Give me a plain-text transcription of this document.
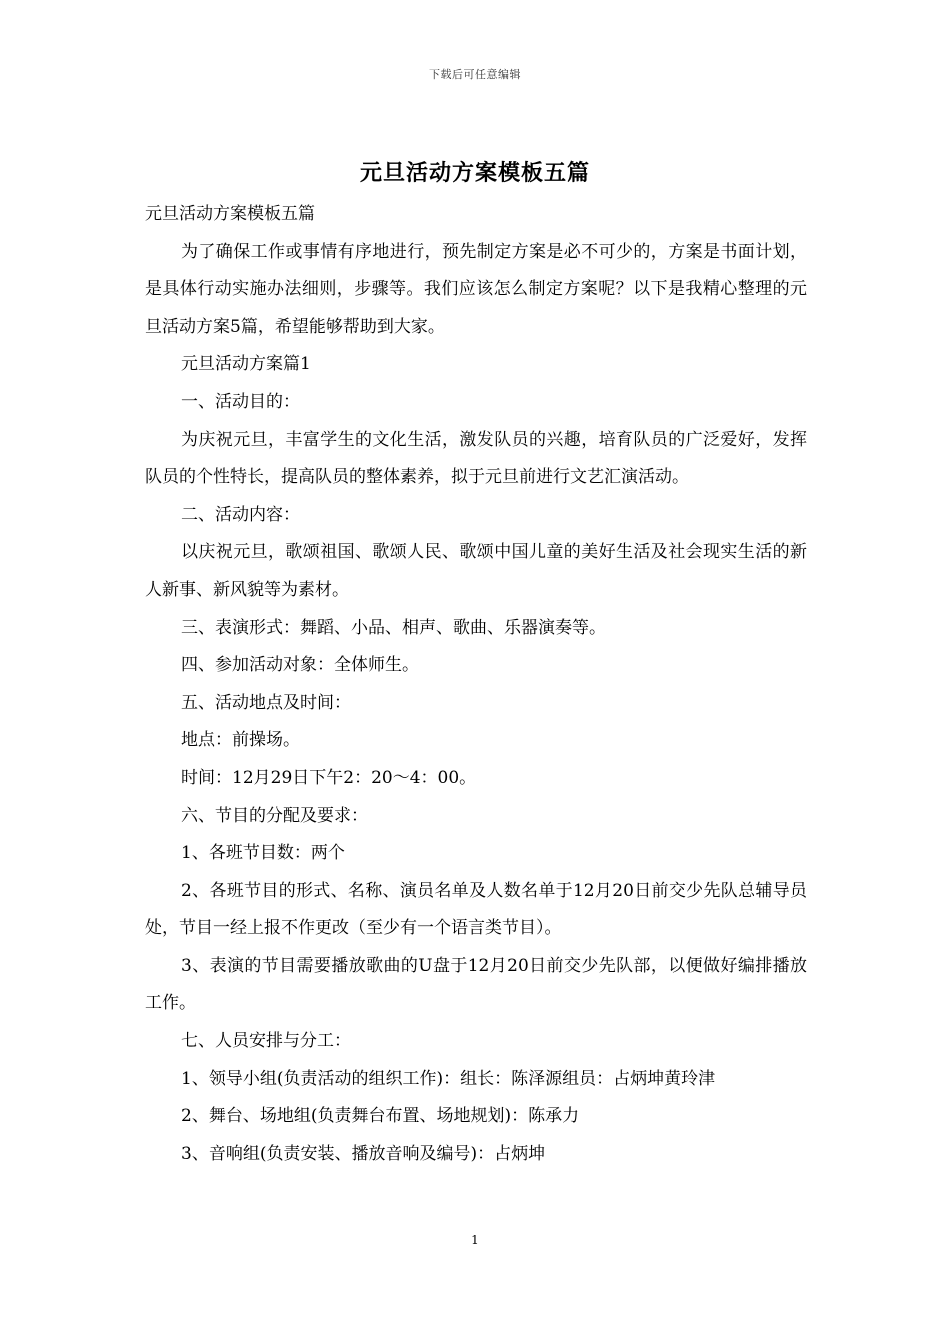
下载后可任意编辑
元旦活动方案模板五篇

元旦活动方案模板五篇

为了确保工作或事情有序地进行，预先制定方案是必不可少的，方案是书面计划，是具体行动实施办法细则，步骤等。我们应该怎么制定方案呢？以下是我精心整理的元旦活动方案5篇，希望能够帮助到大家。

元旦活动方案篇1

一、活动目的：

为庆祝元旦，丰富学生的文化生活，激发队员的兴趣，培育队员的广泛爱好，发挥队员的个性特长，提高队员的整体素养，拟于元旦前进行文艺汇演活动。

二、活动内容：

以庆祝元旦，歌颂祖国、歌颂人民、歌颂中国儿童的美好生活及社会现实生活的新人新事、新风貌等为素材。

三、表演形式：舞蹈、小品、相声、歌曲、乐器演奏等。

四、参加活动对象：全体师生。

五、活动地点及时间：

地点：前操场。

时间：12月29日下午2：20～4：00。

六、节目的分配及要求：

1、各班节目数：两个

2、各班节目的形式、名称、演员名单及人数名单于12月20日前交少先队总辅导员处，节目一经上报不作更改（至少有一个语言类节目）。

3、表演的节目需要播放歌曲的U盘于12月20日前交少先队部，以便做好编排播放工作。

七、人员安排与分工：

1、领导小组(负责活动的组织工作)：组长：陈泽源组员：占炳坤黄玲津

2、舞台、场地组(负责舞台布置、场地规划)：陈承力

3、音响组(负责安装、播放音响及编号)：占炳坤

1
